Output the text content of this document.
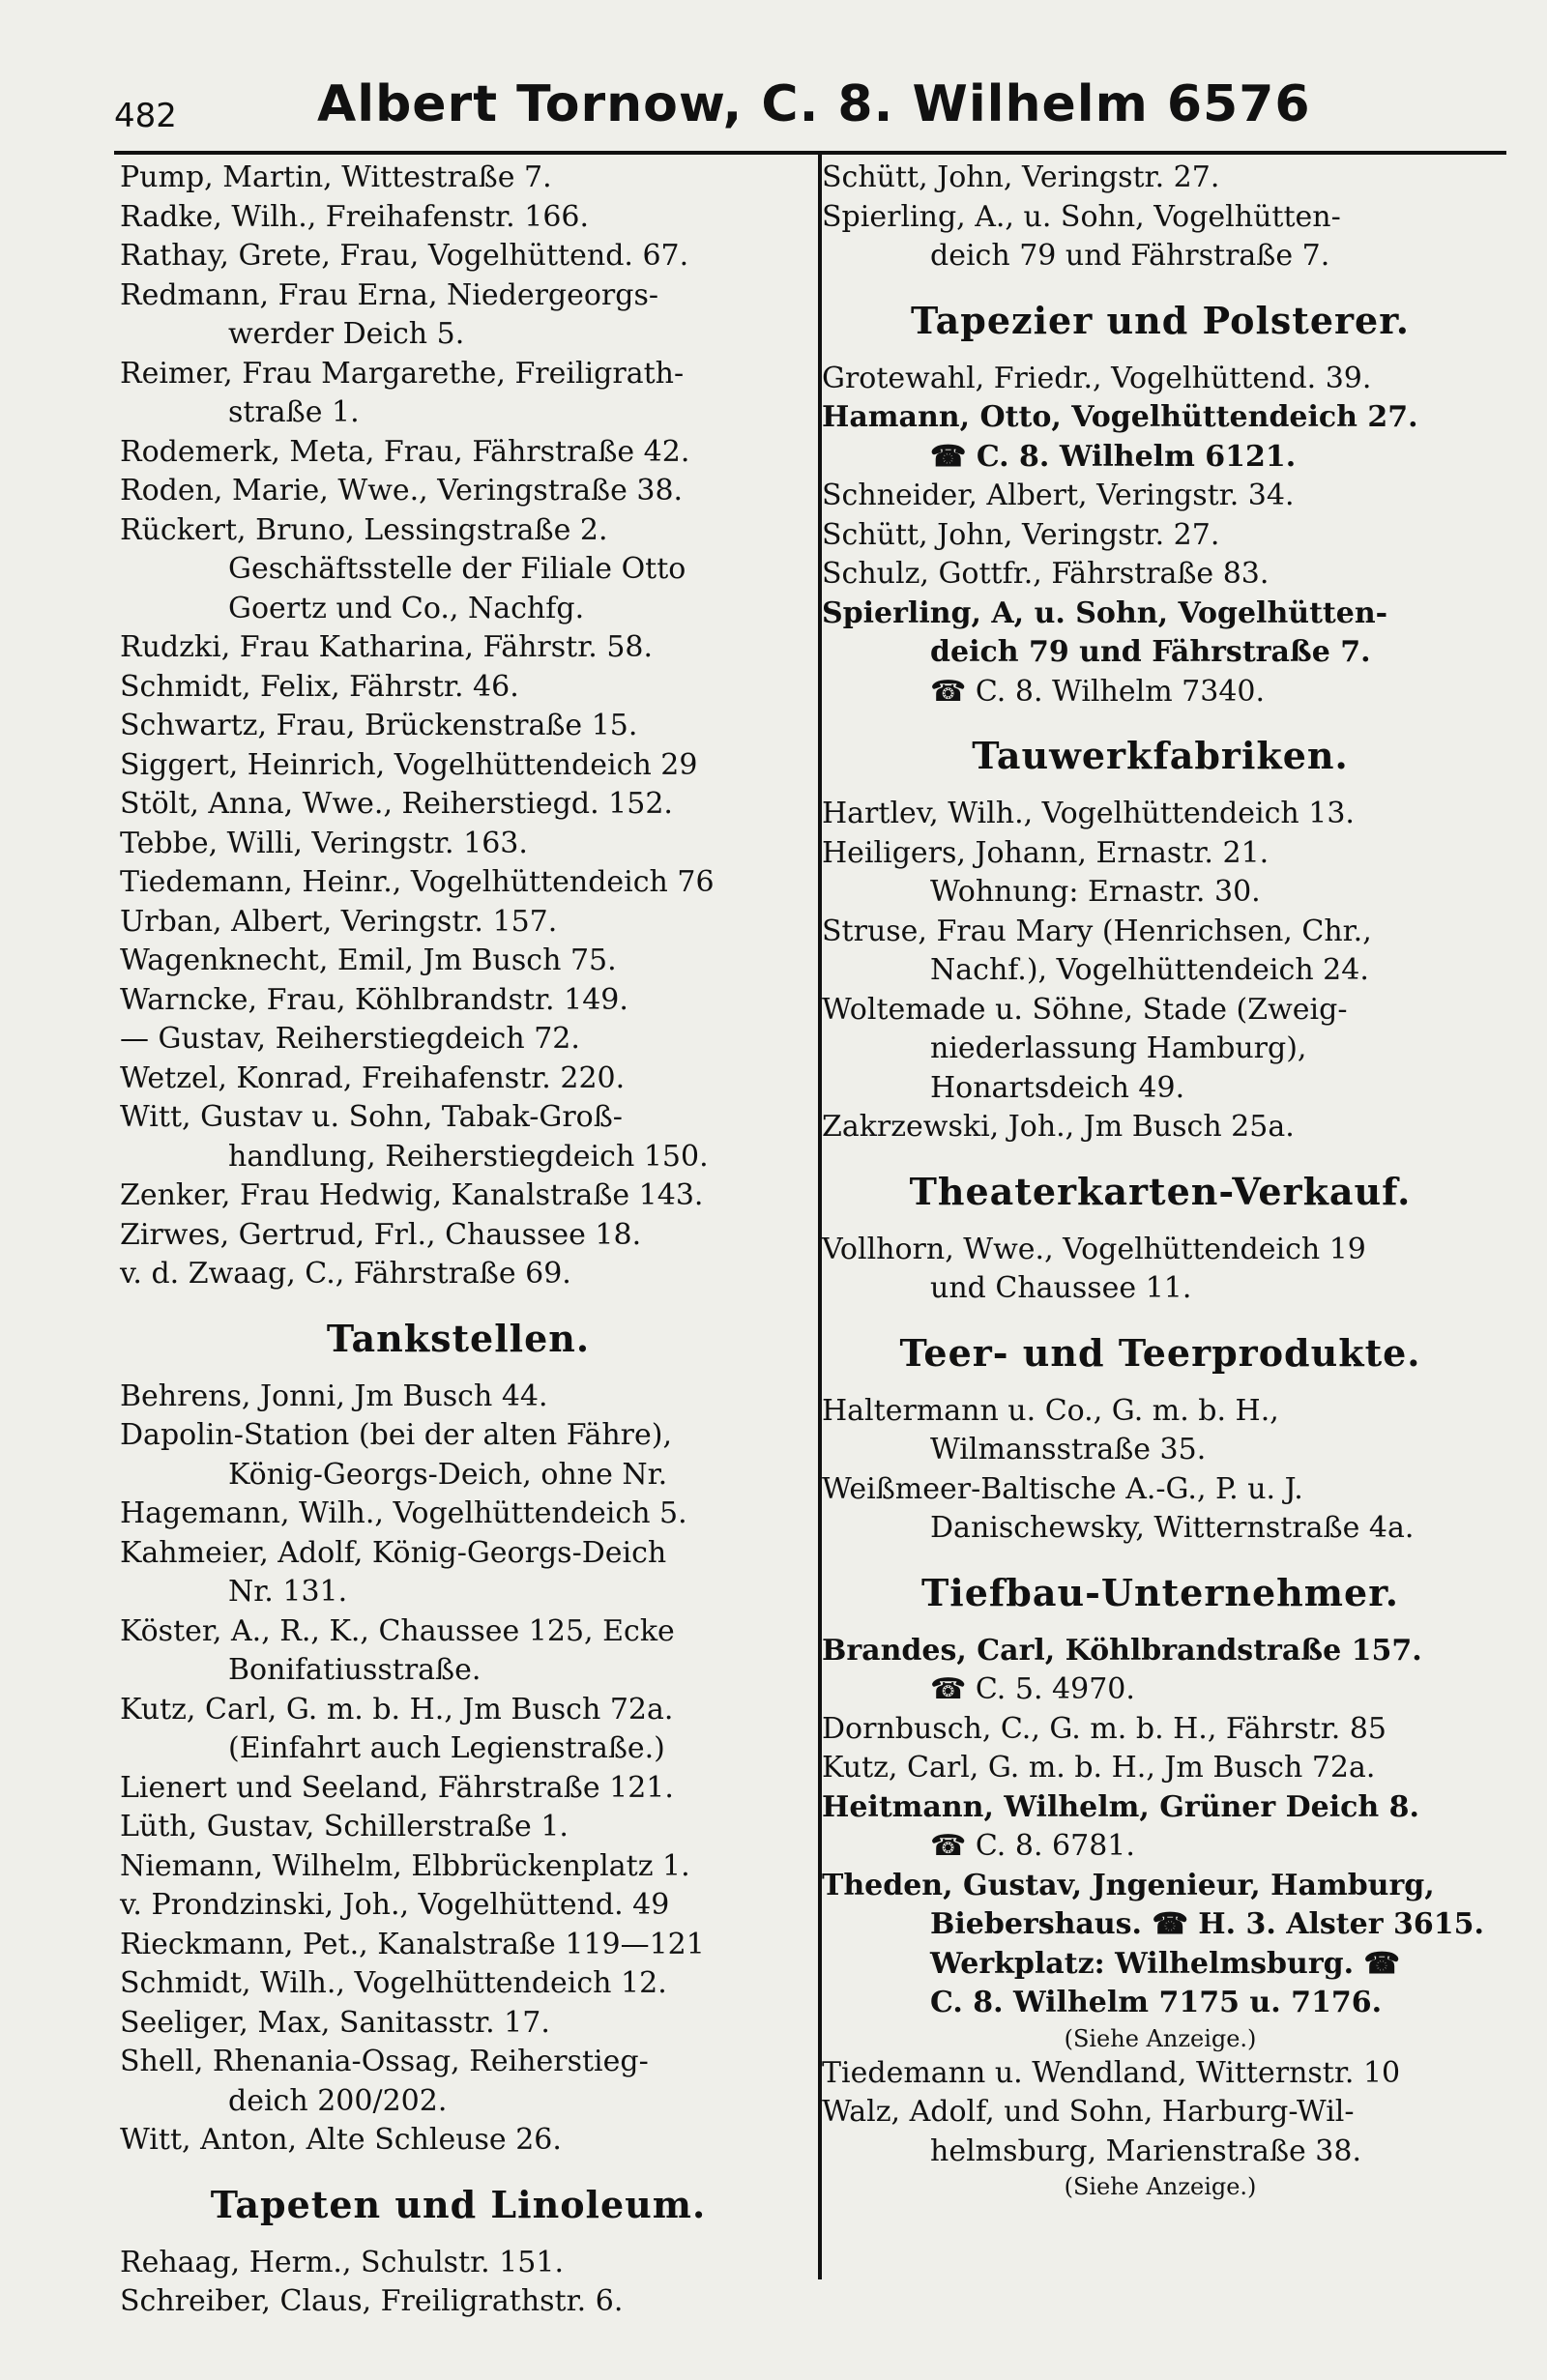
482	Albert Tornow, C. 8. Wilhelm 6576
Pump, Martin, Wittestraße 7.
Radke, Wilh., Freihafenstr. 166.
Rathay, Grete, Frau, Vogelhüttend. 67.
Redmann, Frau Erna, Niedergeorgs-
werder Deich 5.
Reimer, Frau Margarethe, Freiligrath-
straße 1.
Rodemerk, Meta, Frau, Fährstraße 42.
Roden, Marie, Wwe., Veringstraße 38.
Rückert, Bruno, Lessingstraße 2.
Geschäftsstelle der Filiale Otto
Goertz und Co., Nachfg.
Rudzki, Frau Katharina, Fährstr. 58.
Schmidt, Felix, Fährstr. 46.
Schwartz, Frau, Brückenstraße 15.
Siggert, Heinrich, Vogelhüttendeich 29
Stölt, Anna, Wwe., Reiherstiegd. 152.
Tebbe, Willi, Veringstr. 163.
Tiedemann, Heinr., Vogelhüttendeich 76
Urban, Albert, Veringstr. 157.
Wagenknecht, Emil, Jm Busch 75.
Warncke, Frau, Köhlbrandstr. 149.
— Gustav, Reiherstiegdeich 72.
Wetzel, Konrad, Freihafenstr. 220.
Witt, Gustav u. Sohn, Tabak-Groß-
handlung, Reiherstiegdeich 150.
Zenker, Frau Hedwig, Kanalstraße 143.
Zirwes, Gertrud, Frl., Chaussee 18.
v. d. Zwaag, C., Fährstraße 69.
Tankstellen.
Behrens, Jonni, Jm Busch 44.
Dapolin-Station (bei der alten Fähre),
König-Georgs-Deich, ohne Nr.
Hagemann, Wilh., Vogelhüttendeich 5.
Kahmeier, Adolf, König-Georgs-Deich
Nr. 131.
Köster, A., R., K., Chaussee 125, Ecke
Bonifatiusstraße.
Kutz, Carl, G. m. b. H., Jm Busch 72a.
(Einfahrt auch Legienstraße.)
Lienert und Seeland, Fährstraße 121.
Lüth, Gustav, Schillerstraße 1.
Niemann, Wilhelm, Elbbrückenplatz 1.
v. Prondzinski, Joh., Vogelhüttend. 49
Rieckmann, Pet., Kanalstraße 119—121
Schmidt, Wilh., Vogelhüttendeich 12.
Seeliger, Max, Sanitasstr. 17.
Shell, Rhenania-Ossag, Reiherstieg-
deich 200/202.
Witt, Anton, Alte Schleuse 26.
Tapeten und Linoleum.
Rehaag, Herm., Schulstr. 151.
Schreiber, Claus, Freiligrathstr. 6.
Schütt, John, Veringstr. 27.
Spierling, A., u. Sohn, Vogelhütten-
deich 79 und Fährstraße 7.
Tapezier und Polsterer.
Grotewahl, Friedr., Vogelhüttend. 39.
Hamann, Otto, Vogelhüttendeich 27.
☎ C. 8. Wilhelm 6121.
Schneider, Albert, Veringstr. 34.
Schütt, John, Veringstr. 27.
Schulz, Gottfr., Fährstraße 83.
Spierling, A, u. Sohn, Vogelhütten-
deich 79 und Fährstraße 7.
☎ C. 8. Wilhelm 7340.
Tauwerkfabriken.
Hartlev, Wilh., Vogelhüttendeich 13.
Heiligers, Johann, Ernastr. 21.
Wohnung: Ernastr. 30.
Struse, Frau Mary (Henrichsen, Chr.,
Nachf.), Vogelhüttendeich 24.
Woltemade u. Söhne, Stade (Zweig-
niederlassung Hamburg),
Honartsdeich 49.
Zakrzewski, Joh., Jm Busch 25a.
Theaterkarten-Verkauf.
Vollhorn, Wwe., Vogelhüttendeich 19
und Chaussee 11.
Teer- und Teerprodukte.
Haltermann u. Co., G. m. b. H.,
Wilmansstraße 35.
Weißmeer-Baltische A.-G., P. u. J.
Danischewsky, Witternstraße 4a.
Tiefbau-Unternehmer.
Brandes, Carl, Köhlbrandstraße 157.
☎ C. 5. 4970.
Dornbusch, C., G. m. b. H., Fährstr. 85
Kutz, Carl, G. m. b. H., Jm Busch 72a.
Heitmann, Wilhelm, Grüner Deich 8.
☎ C. 8. 6781.
Theden, Gustav, Jngenieur, Hamburg,
Biebershaus. ☎ H. 3. Alster 3615.
Werkplatz: Wilhelmsburg. ☎
C. 8. Wilhelm 7175 u. 7176.
(Siehe Anzeige.)
Tiedemann u. Wendland, Witternstr. 10
Walz, Adolf, und Sohn, Harburg-Wil-
helmsburg, Marienstraße 38.
(Siehe Anzeige.)
